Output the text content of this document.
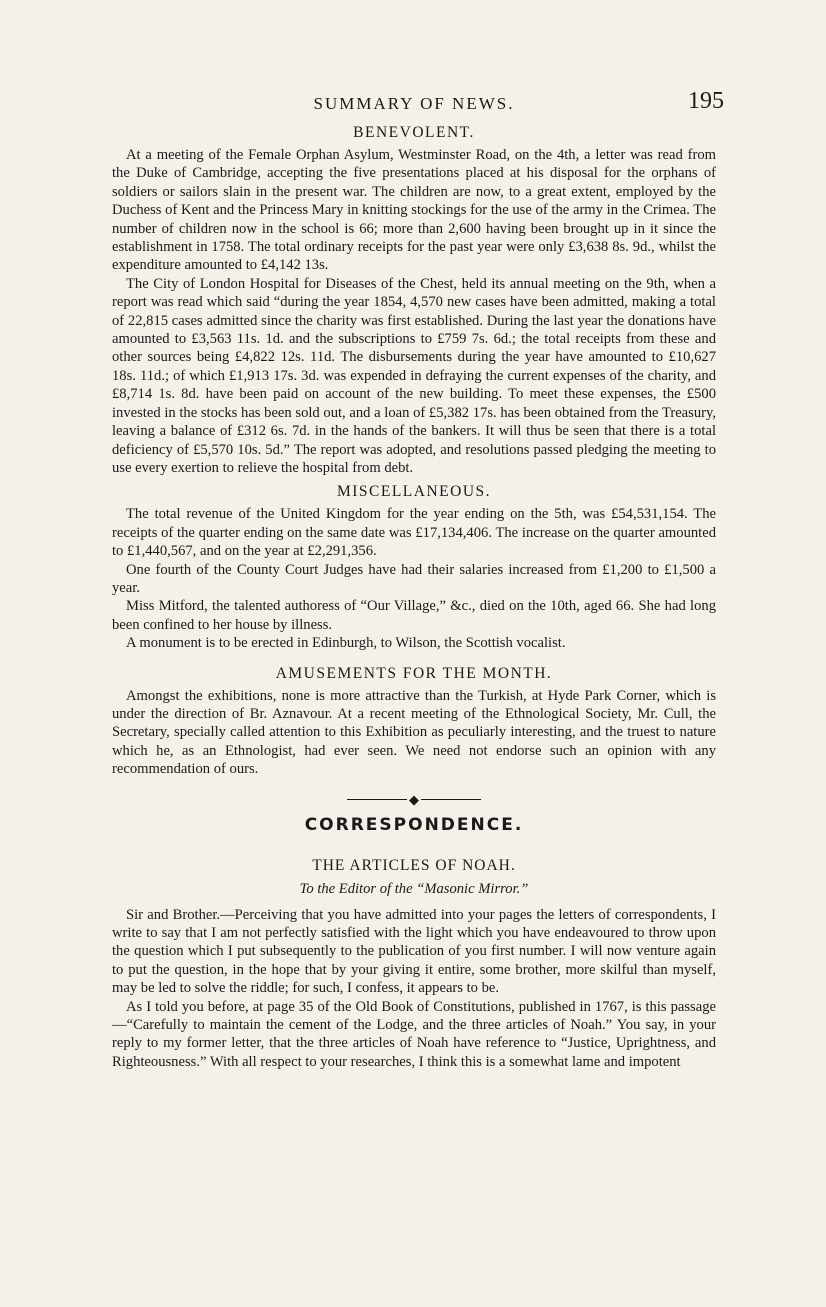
SUMMARY OF NEWS.	195
BENEVOLENT.

At a meeting of the Female Orphan Asylum, Westminster Road, on the 4th, a letter was read from the Duke of Cambridge, accepting the five presentations placed at his disposal for the orphans of soldiers or sailors slain in the present war. The children are now, to a great extent, employed by the Duchess of Kent and the Princess Mary in knitting stockings for the use of the army in the Crimea. The number of children now in the school is 66; more than 2,600 having been brought up in it since the establishment in 1758. The total ordinary receipts for the past year were only £3,638 8s. 9d., whilst the expenditure amounted to £4,142 13s.

The City of London Hospital for Diseases of the Chest, held its annual meeting on the 9th, when a report was read which said “during the year 1854, 4,570 new cases have been admitted, making a total of 22,815 cases admitted since the charity was first established. During the last year the donations have amounted to £3,563 11s. 1d. and the subscriptions to £759 7s. 6d.; the total receipts from these and other sources being £4,822 12s. 11d. The disbursements during the year have amounted to £10,627 18s. 11d.; of which £1,913 17s. 3d. was expended in defraying the current expenses of the charity, and £8,714 1s. 8d. have been paid on account of the new building. To meet these expenses, the £500 invested in the stocks has been sold out, and a loan of £5,382 17s. has been obtained from the Treasury, leaving a balance of £312 6s. 7d. in the hands of the bankers. It will thus be seen that there is a total deficiency of £5,570 10s. 5d.” The report was adopted, and resolutions passed pledging the meeting to use every exertion to relieve the hospital from debt.

MISCELLANEOUS.

The total revenue of the United Kingdom for the year ending on the 5th, was £54,531,154. The receipts of the quarter ending on the same date was £17,134,406. The increase on the quarter amounted to £1,440,567, and on the year at £2,291,356.

One fourth of the County Court Judges have had their salaries increased from £1,200 to £1,500 a year.

Miss Mitford, the talented authoress of “Our Village,” &c., died on the 10th, aged 66. She had long been confined to her house by illness.

A monument is to be erected in Edinburgh, to Wilson, the Scottish vocalist.

AMUSEMENTS FOR THE MONTH.

Amongst the exhibitions, none is more attractive than the Turkish, at Hyde Park Corner, which is under the direction of Br. Aznavour. At a recent meeting of the Ethnological Society, Mr. Cull, the Secretary, specially called attention to this Exhibition as peculiarly interesting, and the truest to nature which he, as an Ethnologist, had ever seen. We need not endorse such an opinion with any recommendation of ours.

◆
CORRESPONDENCE.
THE ARTICLES OF NOAH.
To the Editor of the “Masonic Mirror.”

Sir and Brother.—Perceiving that you have admitted into your pages the letters of correspondents, I write to say that I am not perfectly satisfied with the light which you have endeavoured to throw upon the question which I put subsequently to the publication of you first number. I will now venture again to put the question, in the hope that by your giving it entire, some brother, more skilful than myself, may be led to solve the riddle; for such, I confess, it appears to be.

As I told you before, at page 35 of the Old Book of Constitutions, published in 1767, is this passage—“Carefully to maintain the cement of the Lodge, and the three articles of Noah.” You say, in your reply to my former letter, that the three articles of Noah have reference to “Justice, Uprightness, and Righteousness.” With all respect to your researches, I think this is a somewhat lame and impotent
